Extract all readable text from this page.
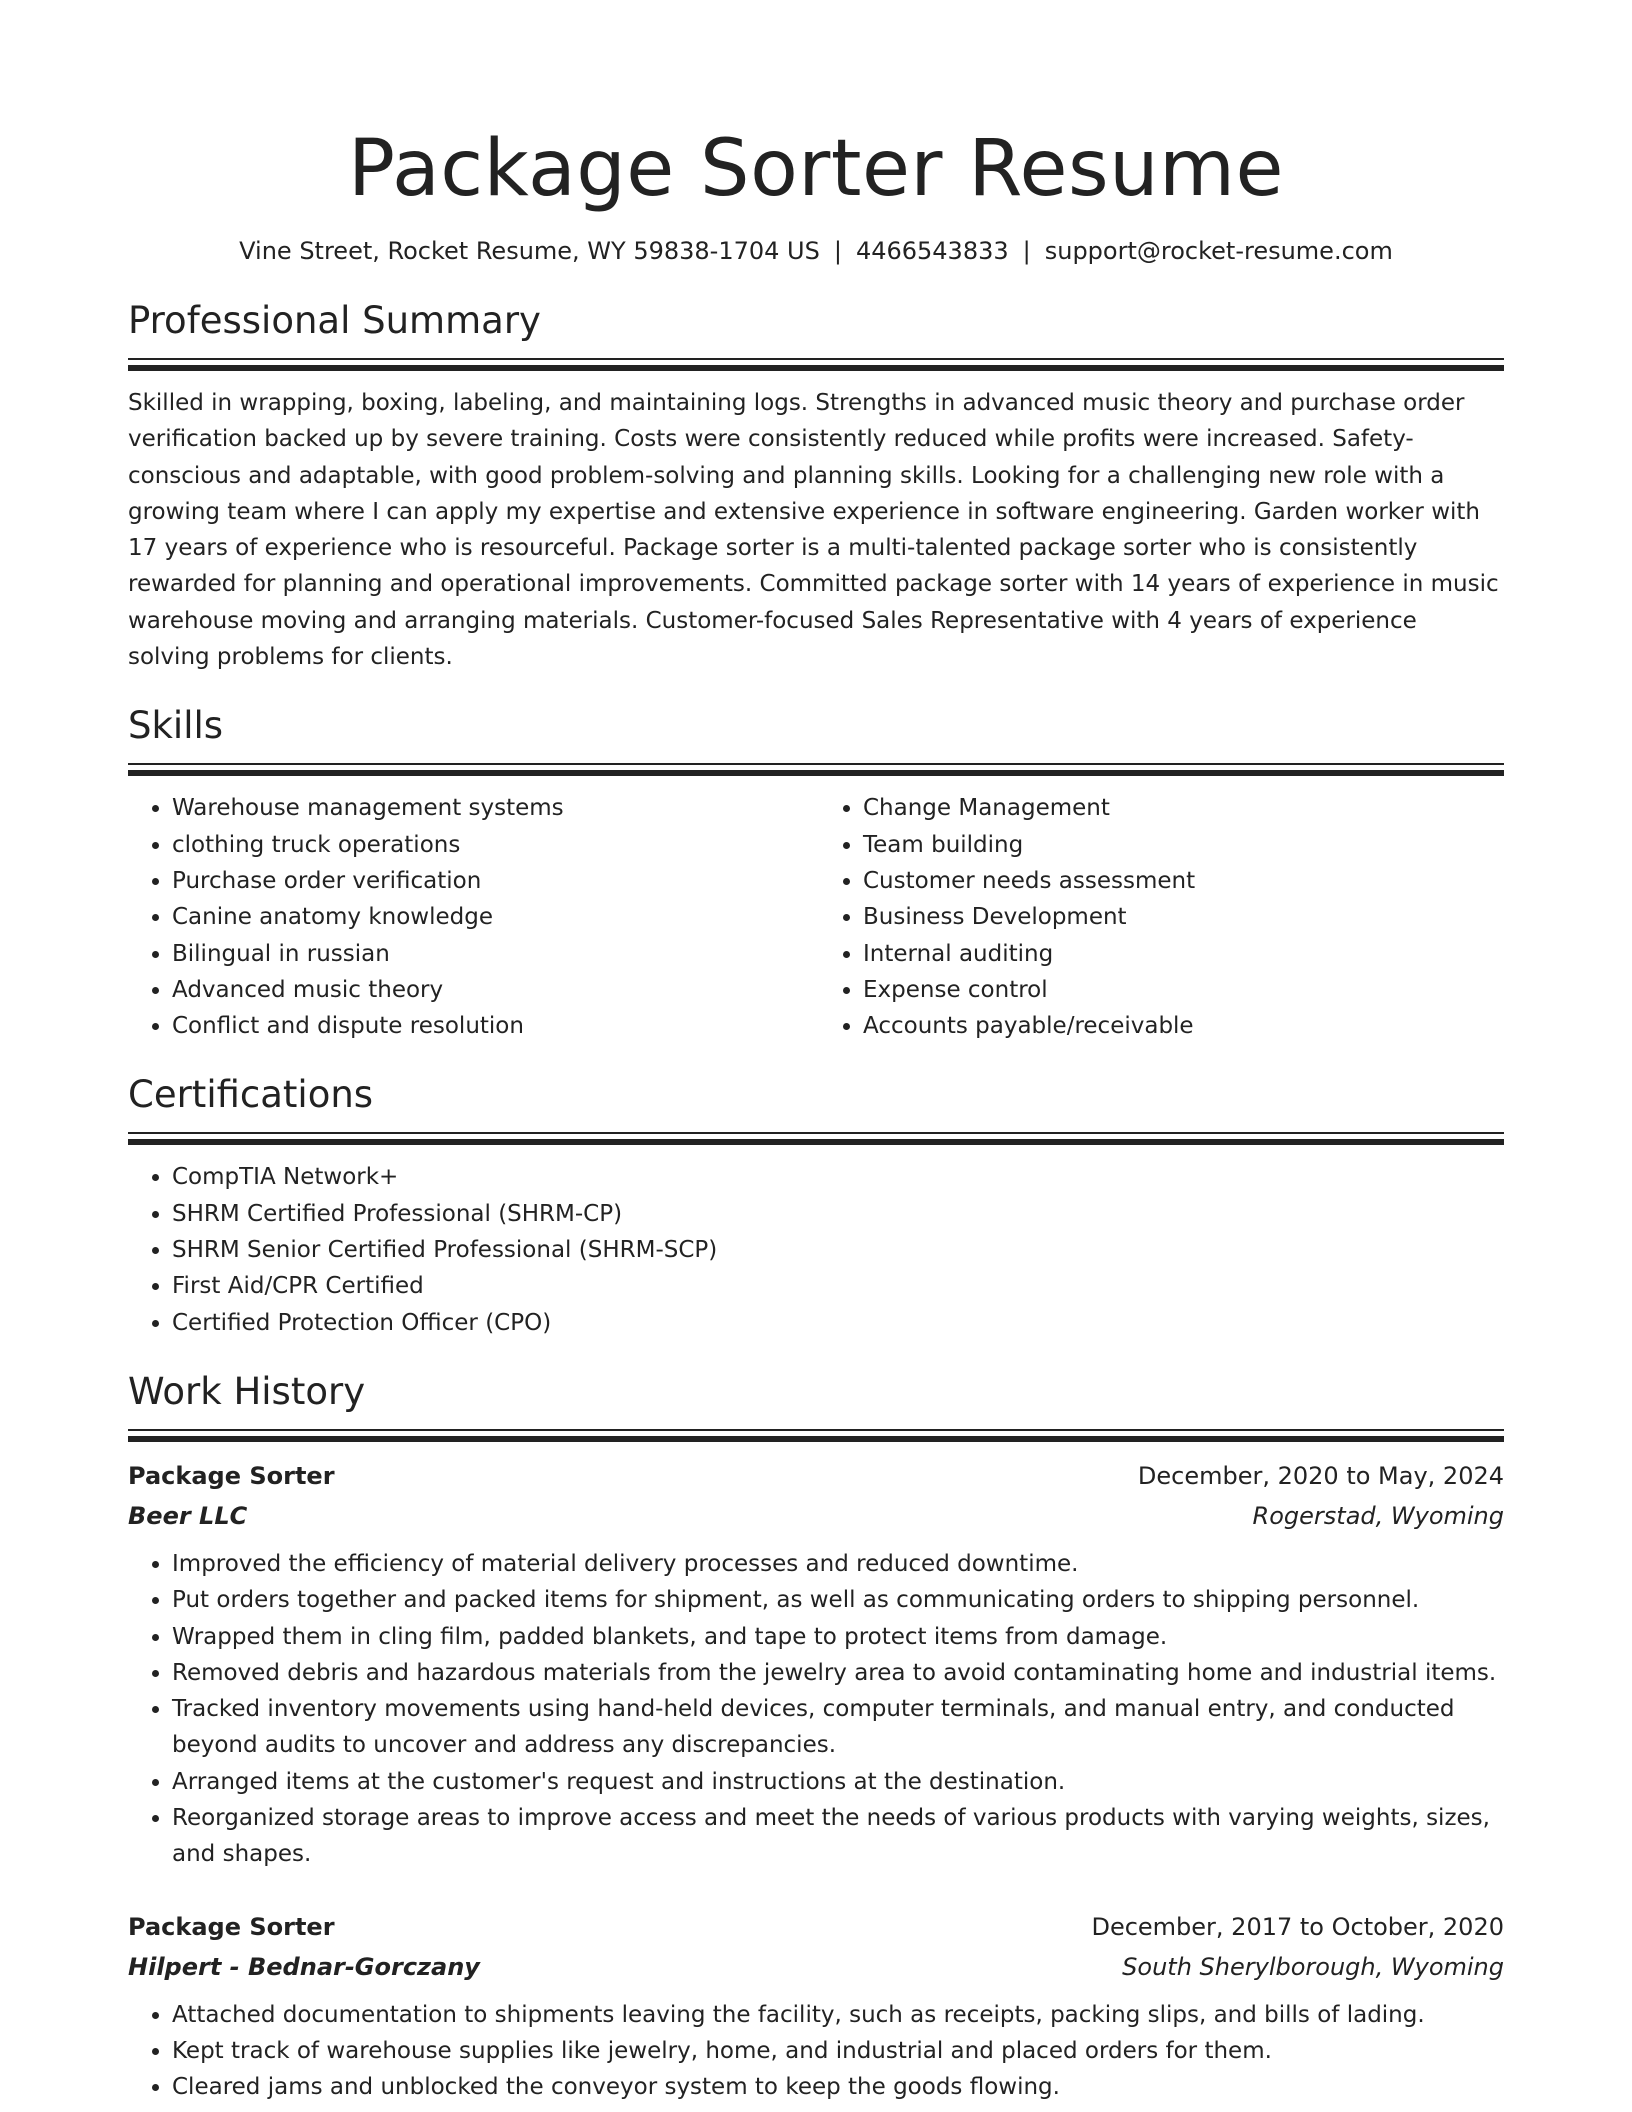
Package Sorter Resume
Vine Street, Rocket Resume, WY 59838-1704 US | 4466543833 | support@rocket-resume.com
Professional Summary

Skilled in wrapping, boxing, labeling, and maintaining logs. Strengths in advanced music theory and purchase order verification backed up by severe training. Costs were consistently reduced while profits were increased. Safety-conscious and adaptable, with good problem-solving and planning skills. Looking for a challenging new role with a growing team where I can apply my expertise and extensive experience in software engineering. Garden worker with 17 years of experience who is resourceful. Package sorter is a multi-talented package sorter who is consistently rewarded for planning and operational improvements. Committed package sorter with 14 years of experience in music warehouse moving and arranging materials. Customer-focused Sales Representative with 4 years of experience solving problems for clients.

Skills
• Warehouse management systems
• clothing truck operations
• Purchase order verification
• Canine anatomy knowledge
• Bilingual in russian
• Advanced music theory
• Conflict and dispute resolution
• Change Management
• Team building
• Customer needs assessment
• Business Development
• Internal auditing
• Expense control
• Accounts payable/receivable
Certifications
• CompTIA Network+
• SHRM Certified Professional (SHRM-CP)
• SHRM Senior Certified Professional (SHRM-SCP)
• First Aid/CPR Certified
• Certified Protection Officer (CPO)
Work History
Package Sorter	December, 2020 to May, 2024
Beer LLC	Rogerstad, Wyoming
• Improved the efficiency of material delivery processes and reduced downtime.
• Put orders together and packed items for shipment, as well as communicating orders to shipping personnel.
• Wrapped them in cling film, padded blankets, and tape to protect items from damage.
• Removed debris and hazardous materials from the jewelry area to avoid contaminating home and industrial items.
• Tracked inventory movements using hand-held devices, computer terminals, and manual entry, and conducted beyond audits to uncover and address any discrepancies.
• Arranged items at the customer's request and instructions at the destination.
• Reorganized storage areas to improve access and meet the needs of various products with varying weights, sizes, and shapes.
Package Sorter	December, 2017 to October, 2020
Hilpert - Bednar-Gorczany	South Sherylborough, Wyoming
• Attached documentation to shipments leaving the facility, such as receipts, packing slips, and bills of lading.
• Kept track of warehouse supplies like jewelry, home, and industrial and placed orders for them.
• Cleared jams and unblocked the conveyor system to keep the goods flowing.
